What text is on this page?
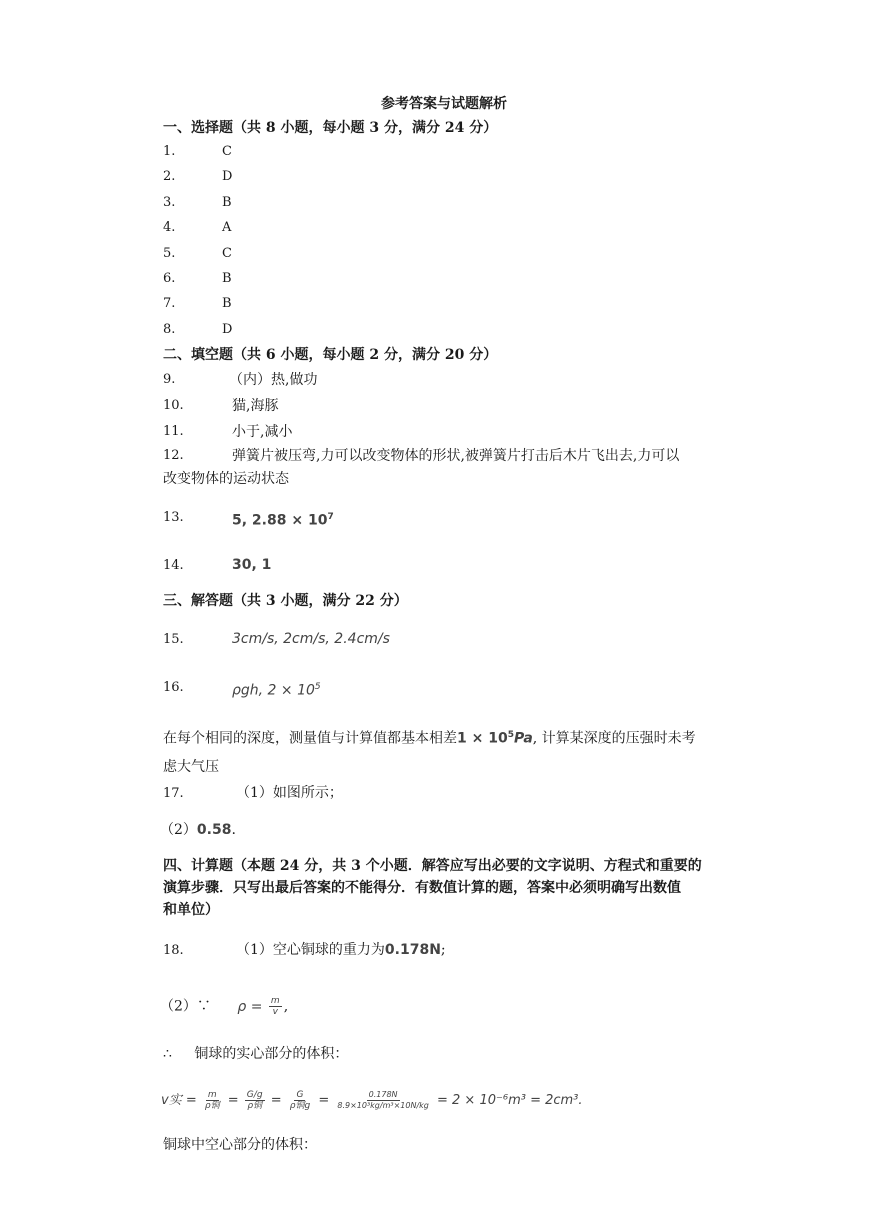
参考答案与试题解析
一、选择题（共 8 小题，每小题 3 分，满分 24 分）
1.	C
2.	D
3.	B
4.	A
5.	C
6.	B
7.	B
8.	D
二、填空题（共 6 小题，每小题 2 分，满分 20 分）
9.	（内）热,做功
10.	猫,海豚
11.	小于,减小
12.	弹簧片被压弯,力可以改变物体的形状,被弹簧片打击后木片飞出去,力可以
改变物体的运动状态
13.	5, $2.88 \times 10^7$
14.	30, 1
三、解答题（共 3 小题，满分 22 分）
15.	3cm/s, 2cm/s, 2.4cm/s
16.	ρgh, $2 \times 10^5$
在每个相同的深度，测量值与计算值都基本相差$1 \times 10^5Pa$, 计算某深度的压强时未考
虑大气压
17.	（1）如图所示；
（2）0.58.
四、计算题（本题 24 分，共 3 个小题．解答应写出必要的文字说明、方程式和重要的
演算步骤．只写出最后答案的不能得分．有数值计算的题，答案中必须明确写出数值
和单位）
18.	（1）空心铜球的重力为0.178N;
（2）∵ $\rho = \frac{m}{v}$ ,
∴ 铜球的实心部分的体积：
v实 = $\frac{m}{\text{ρ铜}} = \frac{G/g}{\text{ρ铜}} = \frac{G}{\text{ρ铜g}} = \frac{0.178N}{\text{8.9×10³kg/m³×10N/kg}} = 2 \times 10^{-6}m^3 = 2cm^3$.
铜球中空心部分的体积：
